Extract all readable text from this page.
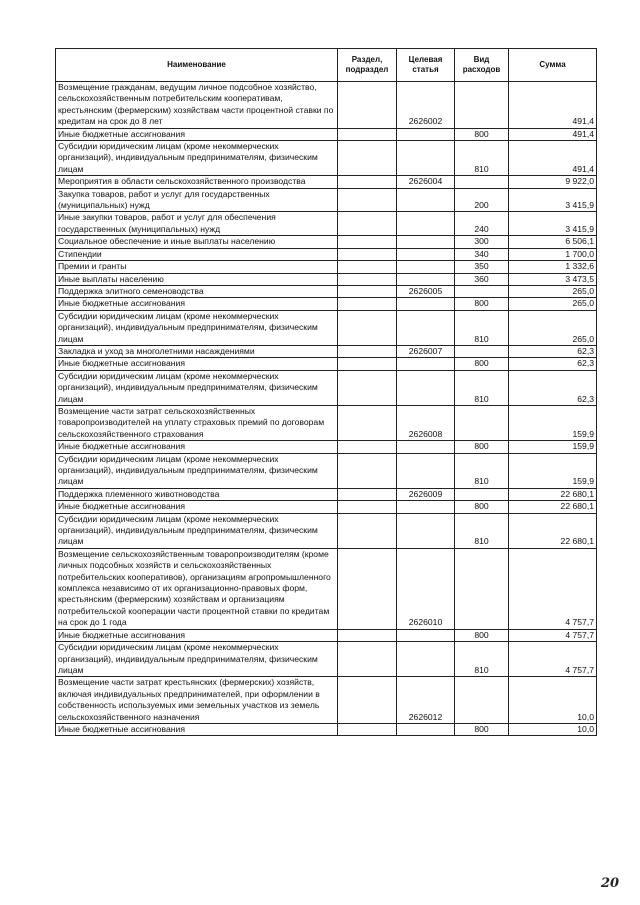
Наименование	Раздел, подраздел	Целевая статья	Вид расходов	Сумма
Возмещение гражданам, ведущим личное подсобное хозяйство, сельскохозяйственным потребительским кооперативам, крестьянским (фермерским) хозяйствам части процентной ставки по кредитам на срок до 8 лет		2626002		491,4
Иные бюджетные ассигнования			800	491,4
Субсидии юридическим лицам (кроме некоммерческих организаций), индивидуальным предпринимателям, физическим лицам			810	491,4
Мероприятия в области сельскохозяйственного производства		2626004		9 922,0
Закупка товаров, работ и услуг для государственных (муниципальных) нужд			200	3 415,9
Иные закупки товаров, работ и услуг для обеспечения государственных (муниципальных) нужд			240	3 415,9
Социальное обеспечение и иные выплаты населению			300	6 506,1
Стипендии			340	1 700,0
Премии и гранты			350	1 332,6
Иные выплаты населению			360	3 473,5
Поддержка элитного семеноводства		2626005		265,0
Иные бюджетные ассигнования			800	265,0
Субсидии юридическим лицам (кроме некоммерческих организаций), индивидуальным предпринимателям, физическим лицам			810	265,0
Закладка и уход за многолетними насаждениями		2626007		62,3
Иные бюджетные ассигнования			800	62,3
Субсидии юридическим лицам (кроме некоммерческих организаций), индивидуальным предпринимателям, физическим лицам			810	62,3
Возмещение части затрат сельскохозяйственных товаропроизводителей на уплату страховых премий по договорам сельскохозяйственного страхования		2626008		159,9
Иные бюджетные ассигнования			800	159,9
Субсидии юридическим лицам (кроме некоммерческих организаций), индивидуальным предпринимателям, физическим лицам			810	159,9
Поддержка племенного животноводства		2626009		22 680,1
Иные бюджетные ассигнования			800	22 680,1
Субсидии юридическим лицам (кроме некоммерческих организаций), индивидуальным предпринимателям, физическим лицам			810	22 680,1
Возмещение сельскохозяйственным товаропроизводителям (кроме личных подсобных хозяйств и сельскохозяйственных потребительских кооперативов), организациям агропромышленного комплекса независимо от их организационно-правовых форм, крестьянским (фермерским) хозяйствам и организациям потребительской кооперации части процентной ставки по кредитам на срок до 1 года		2626010		4 757,7
Иные бюджетные ассигнования			800	4 757,7
Субсидии юридическим лицам (кроме некоммерческих организаций), индивидуальным предпринимателям, физическим лицам			810	4 757,7
Возмещение части затрат крестьянских (фермерских) хозяйств, включая индивидуальных предпринимателей, при оформлении в собственность используемых ими земельных участков из земель сельскохозяйственного назначения		2626012		10,0
Иные бюджетные ассигнования			800	10,0
20
